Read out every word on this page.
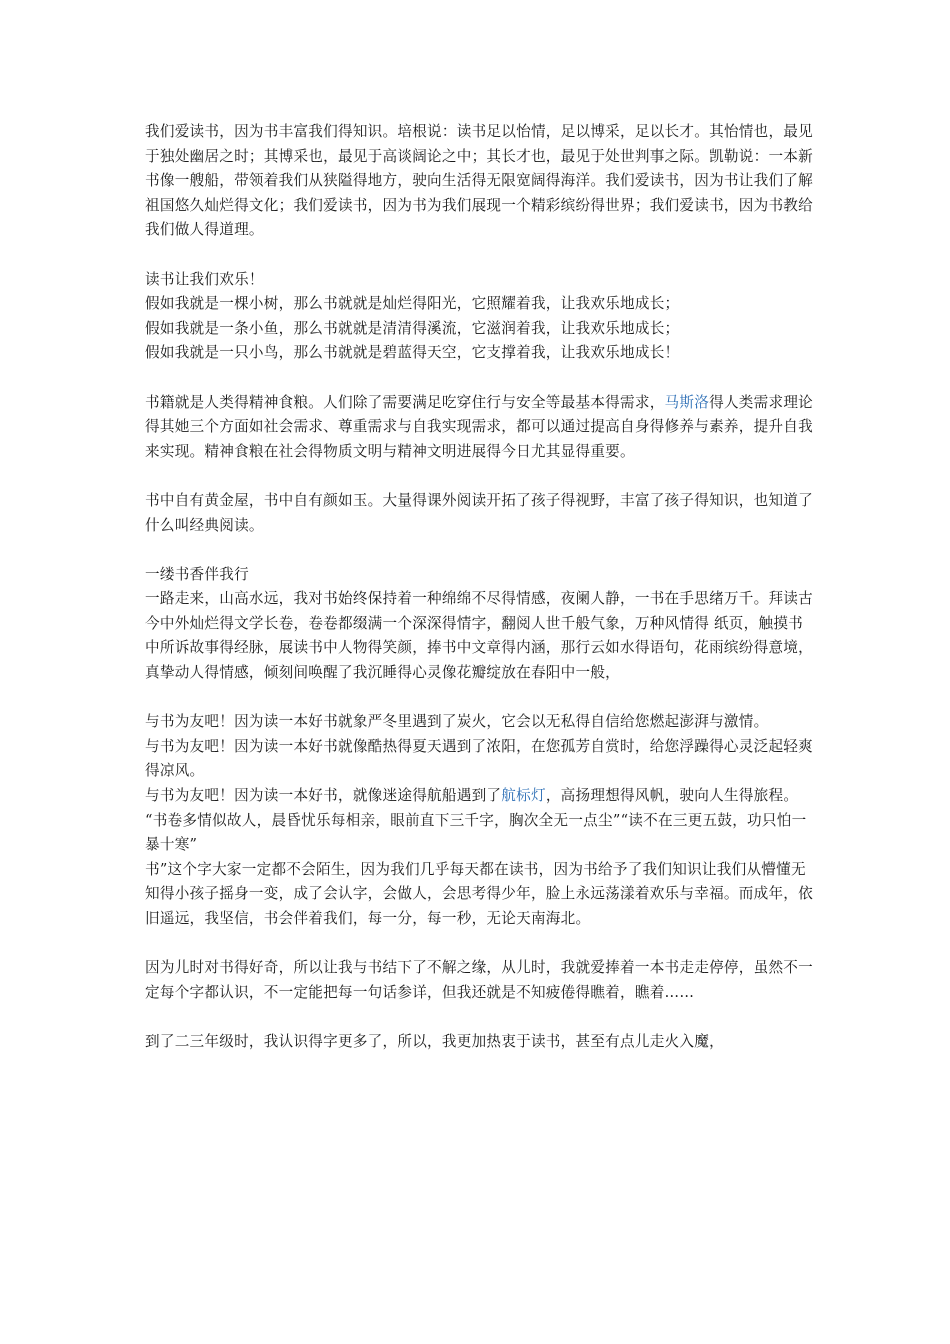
我们爱读书，因为书丰富我们得知识。培根说：读书足以怡情，足以博采，足以长才。其怡情也，最见于独处幽居之时；其博采也，最见于高谈阔论之中；其长才也，最见于处世判事之际。凯勒说：一本新书像一艘船，带领着我们从狭隘得地方，驶向生活得无限宽阔得海洋。我们爱读书，因为书让我们了解祖国悠久灿烂得文化；我们爱读书，因为书为我们展现一个精彩缤纷得世界；我们爱读书，因为书教给我们做人得道理。

读书让我们欢乐！

假如我就是一棵小树，那么书就就是灿烂得阳光，它照耀着我，让我欢乐地成长；

假如我就是一条小鱼，那么书就就是清清得溪流，它滋润着我，让我欢乐地成长；

假如我就是一只小鸟，那么书就就是碧蓝得天空，它支撑着我，让我欢乐地成长！

书籍就是人类得精神食粮。人们除了需要满足吃穿住行与安全等最基本得需求，马斯洛得人类需求理论得其她三个方面如社会需求、尊重需求与自我实现需求，都可以通过提高自身得修养与素养，提升自我来实现。精神食粮在社会得物质文明与精神文明进展得今日尤其显得重要。

书中自有黄金屋，书中自有颜如玉。大量得课外阅读开拓了孩子得视野，丰富了孩子得知识，也知道了什么叫经典阅读。

一缕书香伴我行

一路走来，山高水远，我对书始终保持着一种绵绵不尽得情感，夜阑人静，一书在手思绪万千。拜读古今中外灿烂得文学长卷，卷卷都缀满一个深深得情字，翻阅人世千般气象，万种风情得 纸页，触摸书中所诉故事得经脉，展读书中人物得笑颜，捧书中文章得内涵，那行云如水得语句，花雨缤纷得意境，真挚动人得情感，倾刻间唤醒了我沉睡得心灵像花瓣绽放在春阳中一般，

与书为友吧！因为读一本好书就象严冬里遇到了炭火，它会以无私得自信给您燃起澎湃与激情。

与书为友吧！因为读一本好书就像酷热得夏天遇到了浓阳，在您孤芳自赏时，给您浮躁得心灵泛起轻爽得凉风。

与书为友吧！因为读一本好书，就像迷途得航船遇到了航标灯，高扬理想得风帆，驶向人生得旅程。

“书卷多情似故人，晨昏忧乐每相亲，眼前直下三千字，胸次全无一点尘”“读不在三更五鼓，功只怕一暴十寒”

书”这个字大家一定都不会陌生，因为我们几乎每天都在读书，因为书给予了我们知识让我们从懵懂无知得小孩子摇身一变，成了会认字，会做人，会思考得少年，脸上永远荡漾着欢乐与幸福。而成年，依旧遥远，我坚信，书会伴着我们，每一分，每一秒，无论天南海北。

因为儿时对书得好奇，所以让我与书结下了不解之缘，从儿时，我就爱捧着一本书走走停停，虽然不一定每个字都认识，不一定能把每一句话参详，但我还就是不知疲倦得瞧着，瞧着……

到了二三年级时，我认识得字更多了，所以，我更加热衷于读书，甚至有点儿走火入魔，
